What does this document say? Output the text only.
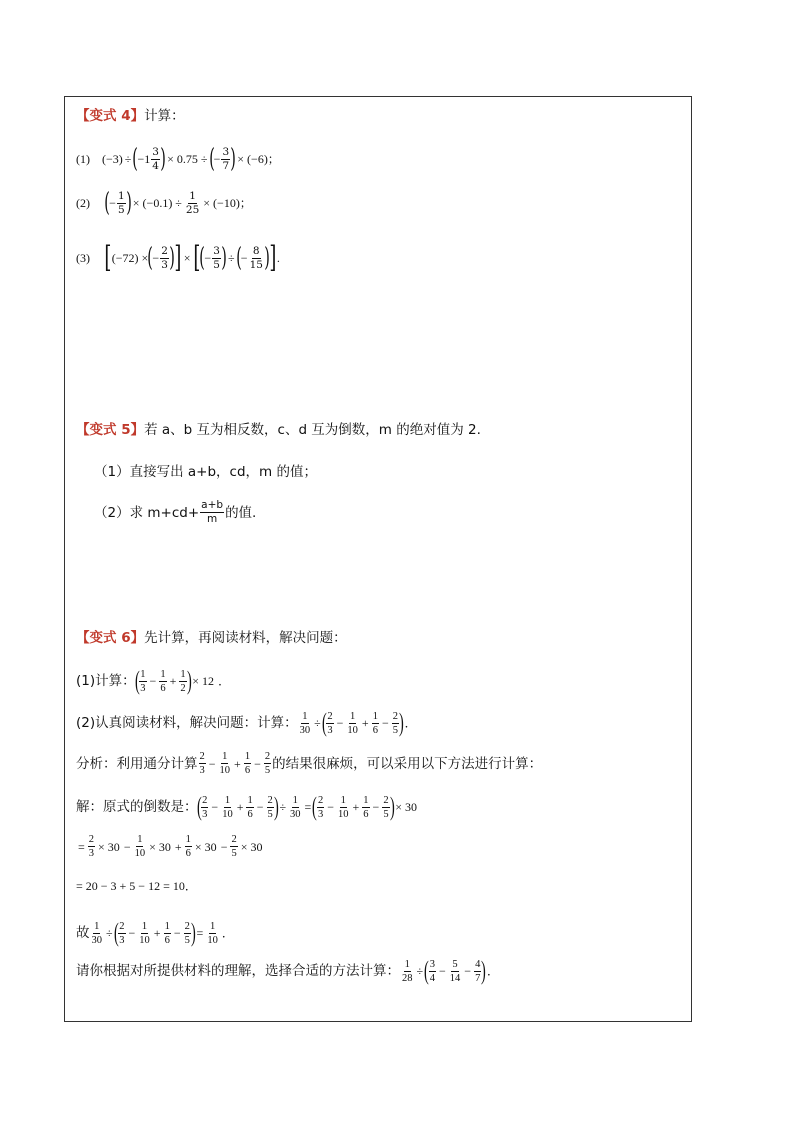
【变式 4】 计算：
(1) (−3) ÷ ( $-1 \frac{3}{4}$ ) × 0.75 ÷ ( − $\frac{3}{7}$ ) × (−6)；
(2) ( − $\frac{1}{5}$ ) × $(-0.1) \div \frac{1}{25} \times (-10)$；
(3) [ (−72) × ( − $\frac{2}{3}$ ) ] × [ ( − $\frac{3}{5}$ ) ÷ ( − $\frac{8}{15}$ ) ] .
【变式 5】 若 a、b 互为相反数，c、d 互为倒数，m 的绝对值为 2.
（1）直接写出 a+b，cd，m 的值；
（2）求 $m+cd+ \frac{a+b}{m}$ 的值.
【变式 6】 先计算，再阅读材料，解决问题：
(1)计算：
( $\frac{1}{3} - \frac{1}{6} + \frac{1}{2}$ ) × 12 ．
(2)认真阅读材料，解决问题：计算： $\frac{1}{30}$ ÷ ( $\frac{2}{3} - \frac{1}{10} + \frac{1}{6} - \frac{2}{5}$ ) ．
分析：利用通分计算 $\frac{2}{3} - \frac{1}{10} + \frac{1}{6} - \frac{2}{5}$ 的结果很麻烦，可以采用以下方法进行计算：
解：原式的倒数是：
( $\frac{2}{3} - \frac{1}{10} + \frac{1}{6} - \frac{2}{5}$ ) ÷ $\frac{1}{30}$ = ( $\frac{2}{3} - \frac{1}{10} + \frac{1}{6} - \frac{2}{5}$ ) × 30
= $\frac{2}{3} \times 30 - \frac{1}{10} \times 30 + \frac{1}{6} \times 30 - \frac{2}{5} \times 30$
= 20 − 3 + 5 − 12 = 10．
故 $\frac{1}{30}$ ÷ ( $\frac{2}{3} - \frac{1}{10} + \frac{1}{6} - \frac{2}{5}$ ) = $\frac{1}{10}$ ．
请你根据对所提供材料的理解，选择合适的方法计算： $\frac{1}{28}$ ÷ ( $\frac{3}{4} - \frac{5}{14} - \frac{4}{7}$ ) ．
